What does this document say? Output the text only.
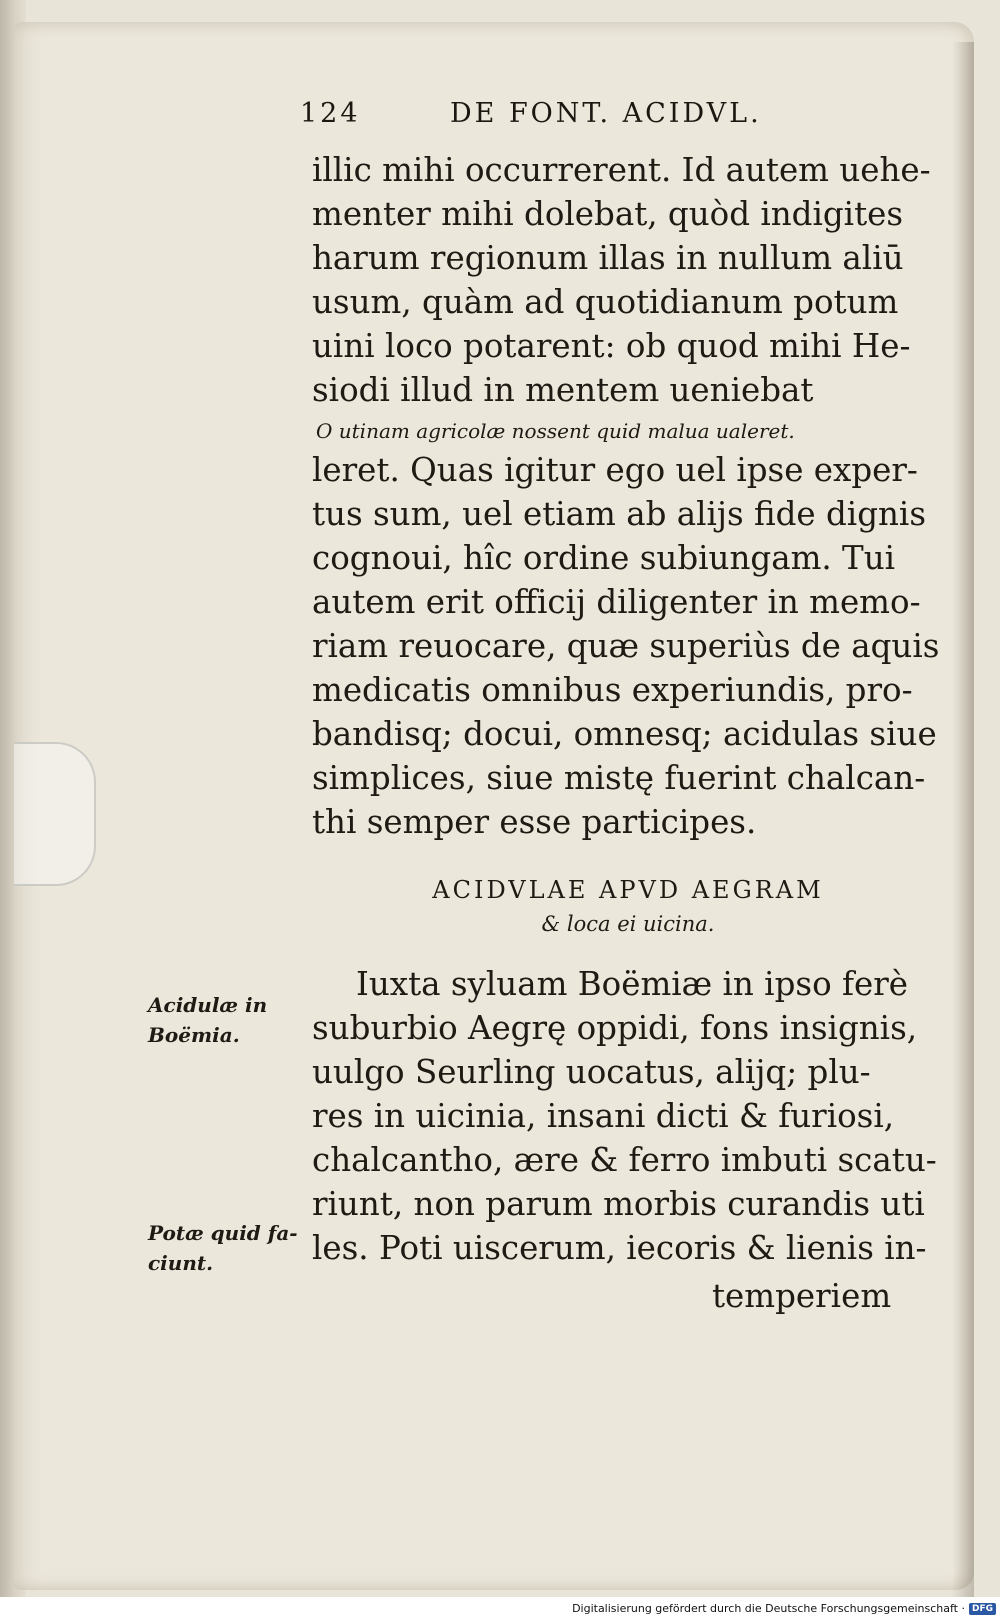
124	DE FONT. ACIDVL.
illic mihi occurrerent. Id autem uehe-
menter mihi dolebat, quòd indigites
harum regionum illas in nullum aliū
usum, quàm ad quotidianum potum
uini loco potarent: ob quod mihi He-
siodi illud in mentem ueniebat
O utinam agricolæ nossent quid malua ualeret.
leret. Quas igitur ego uel ipse exper-
tus sum, uel etiam ab alijs fide dignis
cognoui, hîc ordine subiungam. Tui
autem erit officij diligenter in memo-
riam reuocare, quæ superiùs de aquis
medicatis omnibus experiundis, pro-
bandisq; docui, omnesq; acidulas siue
simplices, siue mistę fuerint chalcan-
thi semper esse participes.
ACIDVLAE APVD AEGRAM
& loca ei uicina.
Iuxta syluam Boëmiæ in ipso ferè
suburbio Aegrę oppidi, fons insignis,
uulgo Seurling uocatus, alijq; plu-
res in uicinia, insani dicti & furiosi,
chalcantho, ære & ferro imbuti scatu-
riunt, non parum morbis curandis uti
les. Poti uiscerum, iecoris & lienis in-
temperiem
Acidulæ in
Boëmia.
Potæ quid fa-
ciunt.
Digitalisierung gefördert durch die Deutsche Forschungsgemeinschaft · DFG
